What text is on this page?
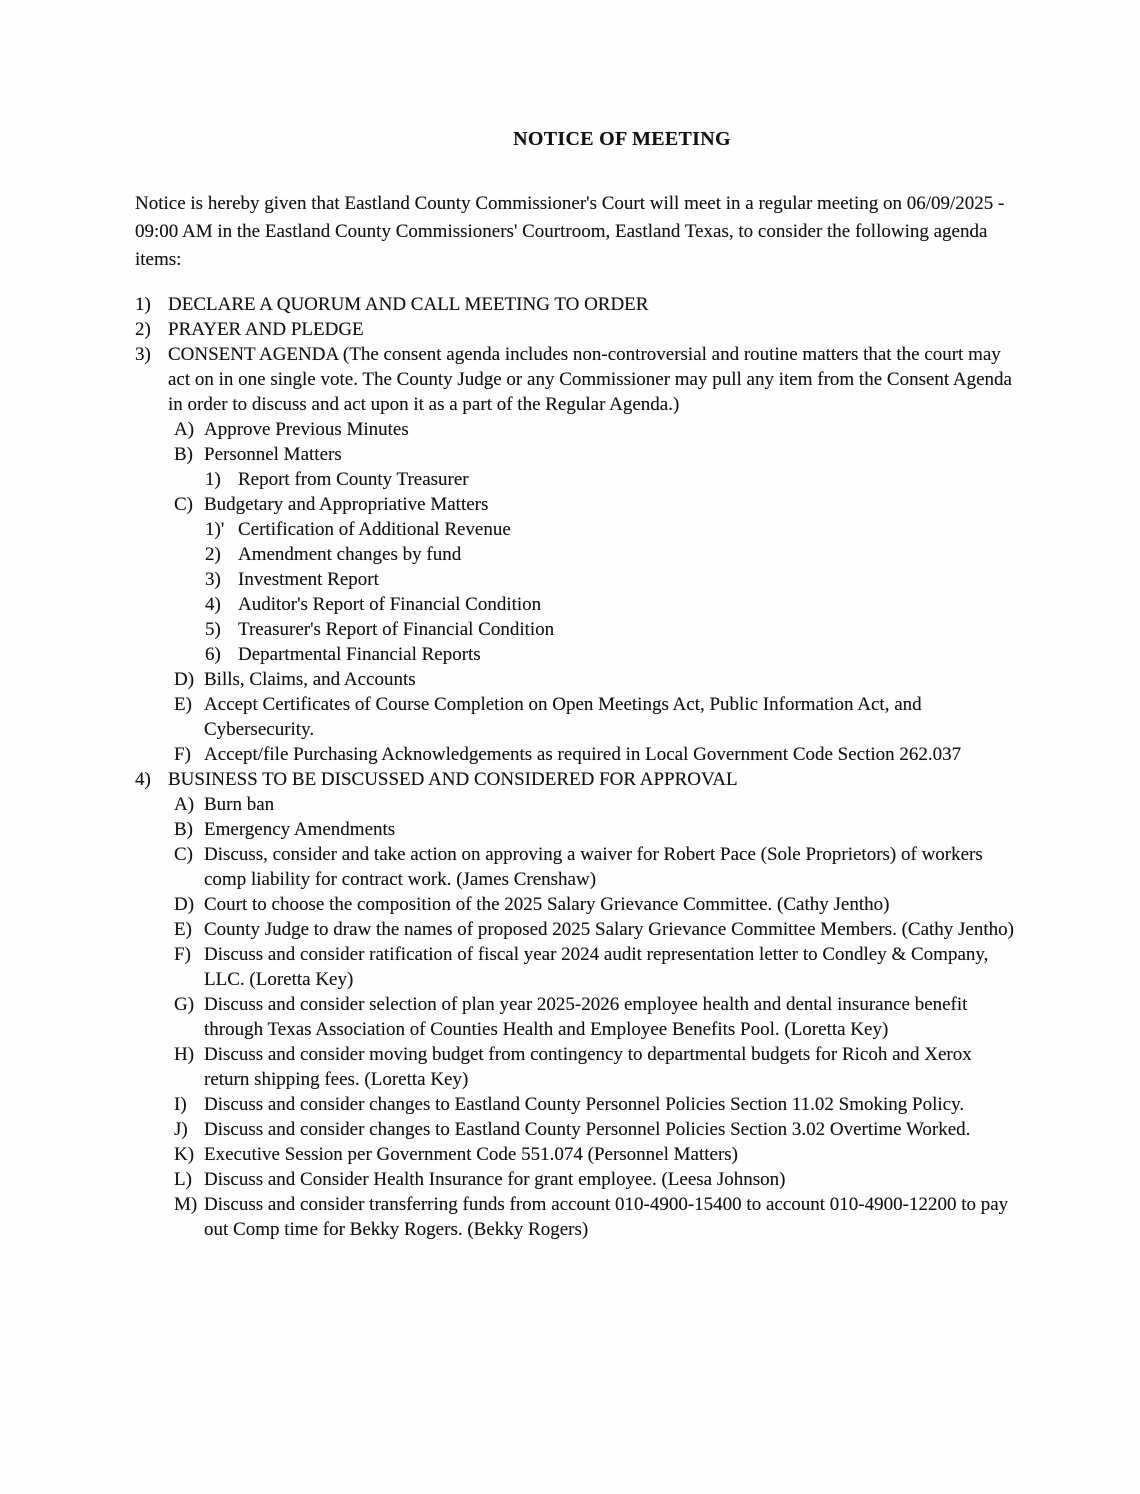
NOTICE OF MEETING

Notice is hereby given that Eastland County Commissioner's Court will meet in a regular meeting on 06/09/2025 - 09:00 AM in the Eastland County Commissioners' Courtroom, Eastland Texas, to consider the following agenda items:

1) DECLARE A QUORUM AND CALL MEETING TO ORDER
2) PRAYER AND PLEDGE
3) CONSENT AGENDA (The consent agenda includes non-controversial and routine matters that the court may act on in one single vote. The County Judge or any Commissioner may pull any item from the Consent Agenda in order to discuss and act upon it as a part of the Regular Agenda.)
A) Approve Previous Minutes
B) Personnel Matters
1) Report from County Treasurer
C) Budgetary and Appropriative Matters
1)' Certification of Additional Revenue
2) Amendment changes by fund
3) Investment Report
4) Auditor's Report of Financial Condition
5) Treasurer's Report of Financial Condition
6) Departmental Financial Reports
D) Bills, Claims, and Accounts
E) Accept Certificates of Course Completion on Open Meetings Act, Public Information Act, and Cybersecurity.
F) Accept/file Purchasing Acknowledgements as required in Local Government Code Section 262.037
4) BUSINESS TO BE DISCUSSED AND CONSIDERED FOR APPROVAL
A) Burn ban
B) Emergency Amendments
C) Discuss, consider and take action on approving a waiver for Robert Pace (Sole Proprietors) of workers comp liability for contract work. (James Crenshaw)
D) Court to choose the composition of the 2025 Salary Grievance Committee. (Cathy Jentho)
E) County Judge to draw the names of proposed 2025 Salary Grievance Committee Members. (Cathy Jentho)
F) Discuss and consider ratification of fiscal year 2024 audit representation letter to Condley & Company, LLC. (Loretta Key)
G) Discuss and consider selection of plan year 2025-2026 employee health and dental insurance benefit through Texas Association of Counties Health and Employee Benefits Pool. (Loretta Key)
H) Discuss and consider moving budget from contingency to departmental budgets for Ricoh and Xerox return shipping fees. (Loretta Key)
I) Discuss and consider changes to Eastland County Personnel Policies Section 11.02 Smoking Policy.
J) Discuss and consider changes to Eastland County Personnel Policies Section 3.02 Overtime Worked.
K) Executive Session per Government Code 551.074 (Personnel Matters)
L) Discuss and Consider Health Insurance for grant employee. (Leesa Johnson)
M) Discuss and consider transferring funds from account 010-4900-15400 to account 010-4900-12200 to pay out Comp time for Bekky Rogers. (Bekky Rogers)
